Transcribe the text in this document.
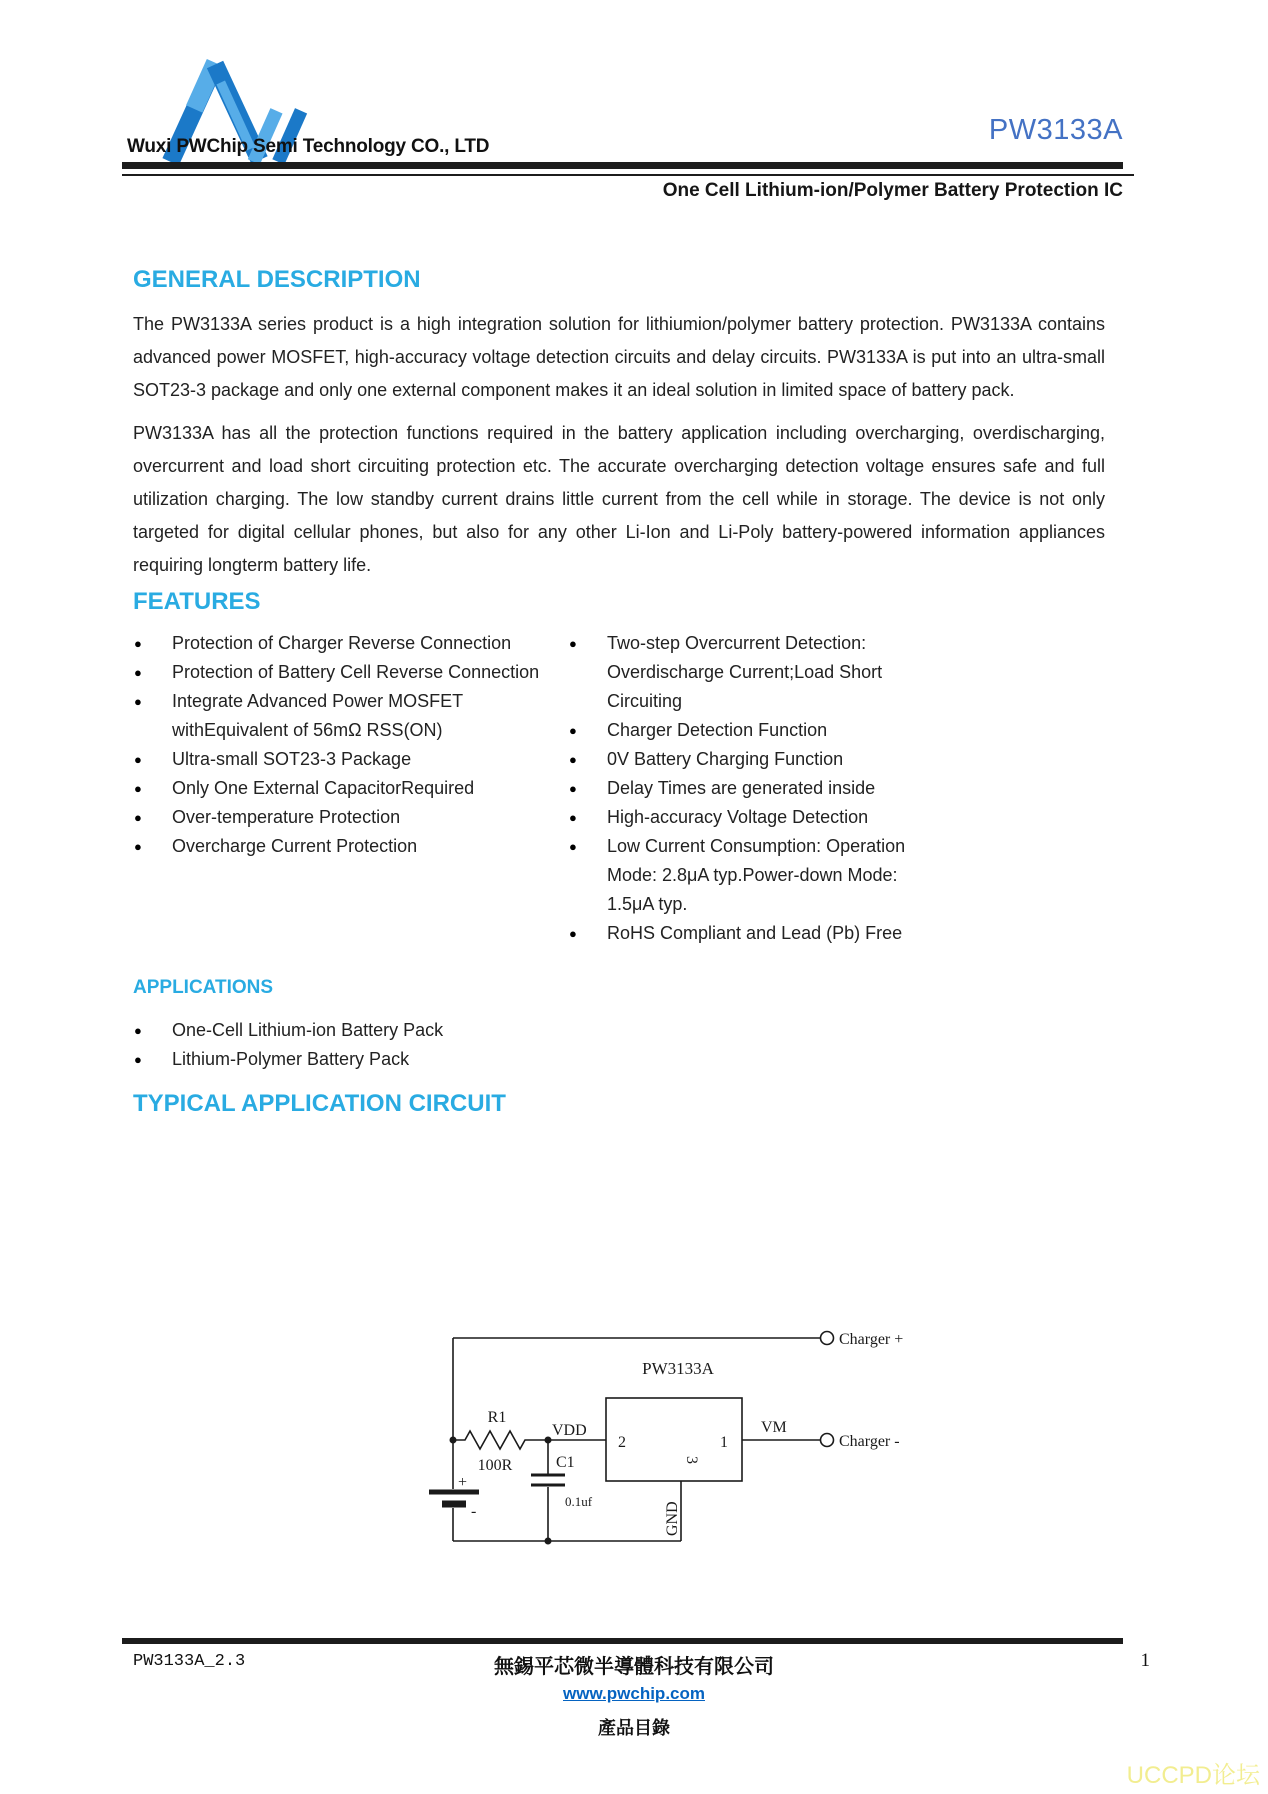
Wuxi PWChip Semi Technology CO., LTD
PW3133A
One Cell Lithium-ion/Polymer Battery Protection IC
GENERAL DESCRIPTION

The PW3133A series product is a high integration solution for lithiumion/polymer battery protection. PW3133A contains advanced power MOSFET, high-accuracy voltage detection circuits and delay circuits. PW3133A is put into an ultra-small SOT23-3 package and only one external component makes it an ideal solution in limited space of battery pack.

PW3133A has all the protection functions required in the battery application including overcharging, overdischarging, overcurrent and load short circuiting protection etc. The accurate overcharging detection voltage ensures safe and full utilization charging. The low standby current drains little current from the cell while in storage. The device is not only targeted for digital cellular phones, but also for any other Li-Ion and Li-Poly battery-powered information appliances requiring longterm battery life.

FEATURES
● Protection of Charger Reverse Connection
● Protection of Battery Cell Reverse Connection
● Integrate Advanced Power MOSFET withEquivalent of 56mΩ RSS(ON)
● Ultra-small SOT23-3 Package
● Only One External CapacitorRequired
● Over-temperature Protection
● Overcharge Current Protection
● Two-step Overcurrent Detection: Overdischarge Current;Load Short Circuiting
● Charger Detection Function
● 0V Battery Charging Function
● Delay Times are generated inside
● High-accuracy Voltage Detection
● Low Current Consumption: Operation Mode: 2.8μA typ.Power-down Mode: 1.5μA typ.
● RoHS Compliant and Lead (Pb) Free
APPLICATIONS
● One-Cell Lithium-ion Battery Pack
● Lithium-Polymer Battery Pack
TYPICAL APPLICATION CIRCUIT
PW3133A
R1
100R
VDD
C1
0.1uf
2	1
3
GND
VM
Charger +
Charger -
+
-
PW3133A_2.3	無錫平芯微半導體科技有限公司	1
www.pwchip.com
產品目錄
UCCPD论坛
